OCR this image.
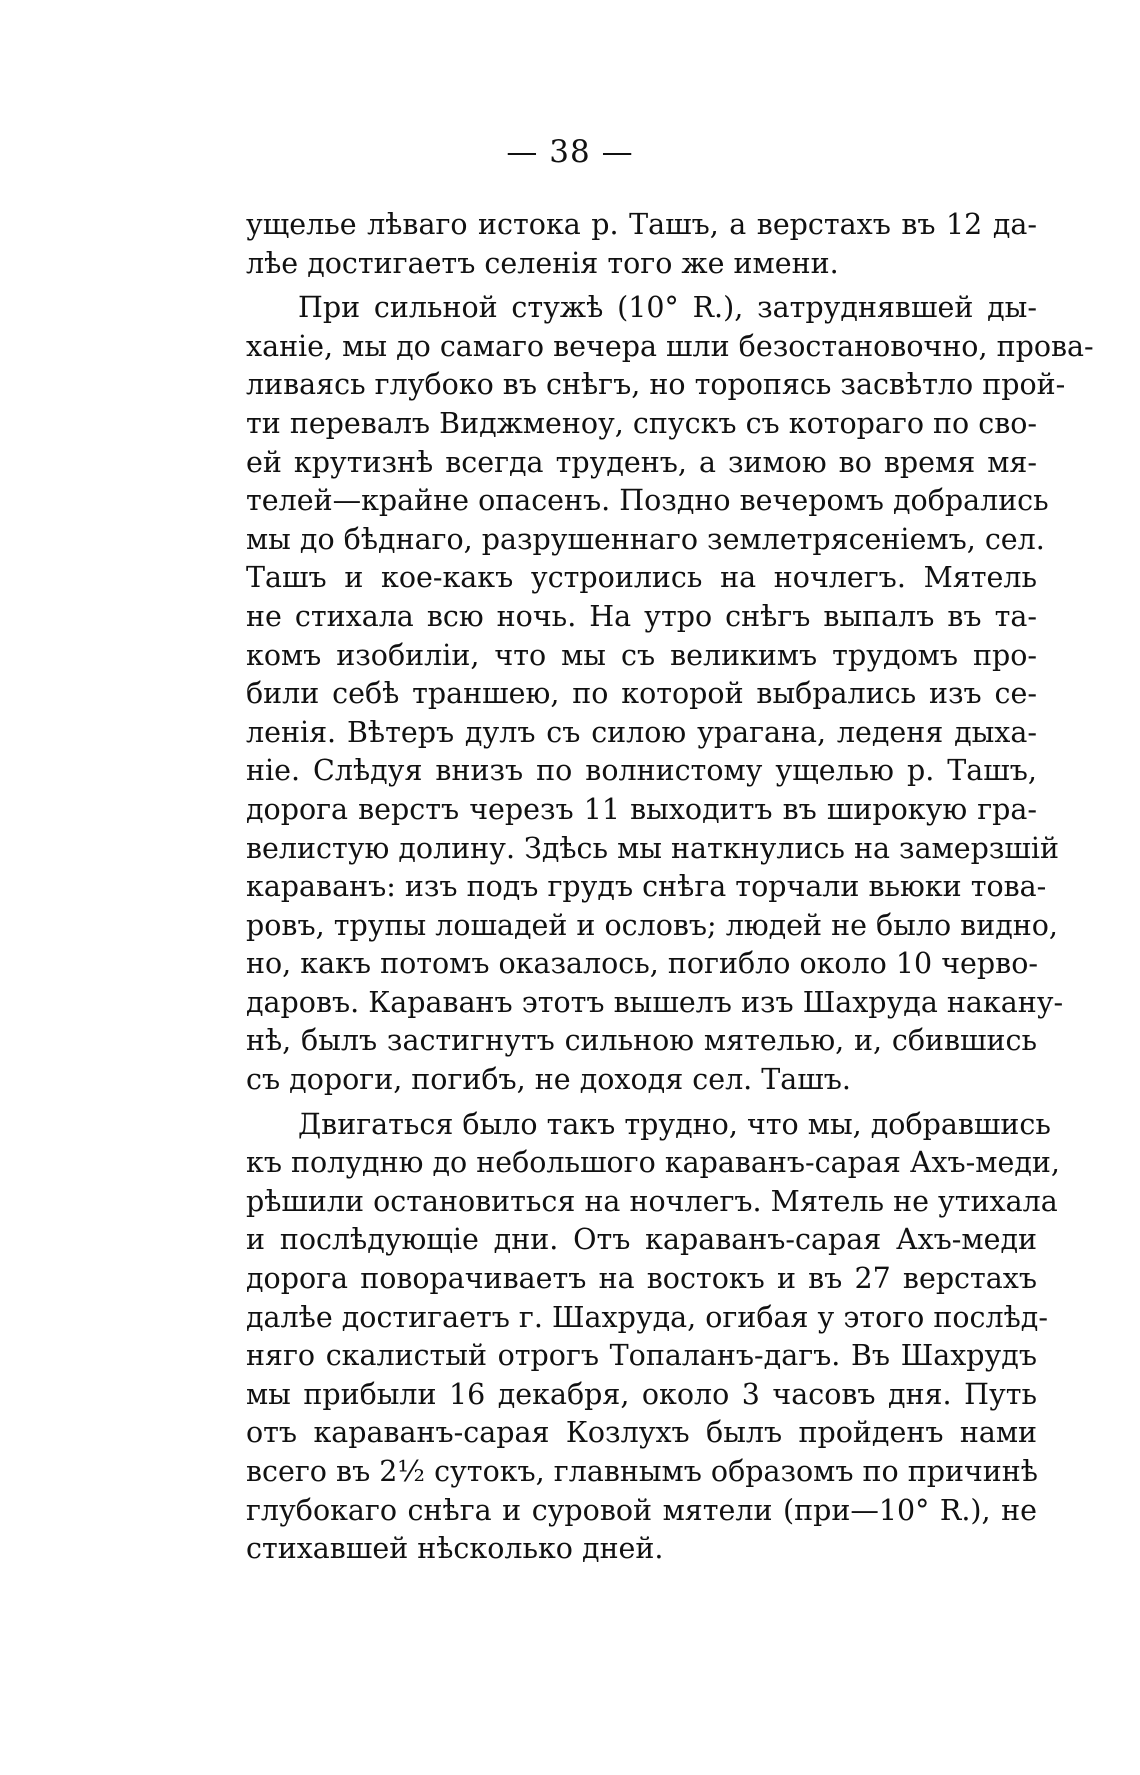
— 38 —
ущелье лѣваго истока р. Ташъ, а верстахъ въ 12 да-
лѣе достигаетъ селенія того же имени.
При сильной стужѣ (10° R.), затруднявшей ды-
ханіе, мы до самаго вечера шли безостановочно, прова-
ливаясь глубоко въ снѣгъ, но торопясь засвѣтло прой-
ти перевалъ Виджменоу, спускъ съ котораго по сво-
ей крутизнѣ всегда труденъ, а зимою во время мя-
телей—крайне опасенъ. Поздно вечеромъ добрались
мы до бѣднаго, разрушеннаго землетрясеніемъ, сел.
Ташъ и кое-какъ устроились на ночлегъ. Мятель
не стихала всю ночь. На утро снѣгъ выпалъ въ та-
комъ изобиліи, что мы съ великимъ трудомъ про-
били себѣ траншею, по которой выбрались изъ се-
ленія. Вѣтеръ дулъ съ силою урагана, леденя дыха-
ніе. Слѣдуя внизъ по волнистому ущелью р. Ташъ,
дорога верстъ черезъ 11 выходитъ въ широкую гра-
велистую долину. Здѣсь мы наткнулись на замерзшій
караванъ: изъ подъ грудъ снѣга торчали вьюки това-
ровъ, трупы лошадей и ословъ; людей не было видно,
но, какъ потомъ оказалось, погибло около 10 черво-
даровъ. Караванъ этотъ вышелъ изъ Шахруда накану-
нѣ, былъ застигнутъ сильною мятелью, и, сбившись
съ дороги, погибъ, не доходя сел. Ташъ.
Двигаться было такъ трудно, что мы, добравшись
къ полудню до небольшого караванъ-сарая Ахъ-меди,
рѣшили остановиться на ночлегъ. Мятель не утихала
и послѣдующіе дни. Отъ караванъ-сарая Ахъ-меди
дорога поворачиваетъ на востокъ и въ 27 верстахъ
далѣе достигаетъ г. Шахруда, огибая у этого послѣд-
няго скалистый отрогъ Топаланъ-дагъ. Въ Шахрудъ
мы прибыли 16 декабря, около 3 часовъ дня. Путь
отъ караванъ-сарая Козлухъ былъ пройденъ нами
всего въ 2½ сутокъ, главнымъ образомъ по причинѣ
глубокаго снѣга и суровой мятели (при—10° R.), не
стихавшей нѣсколько дней.
